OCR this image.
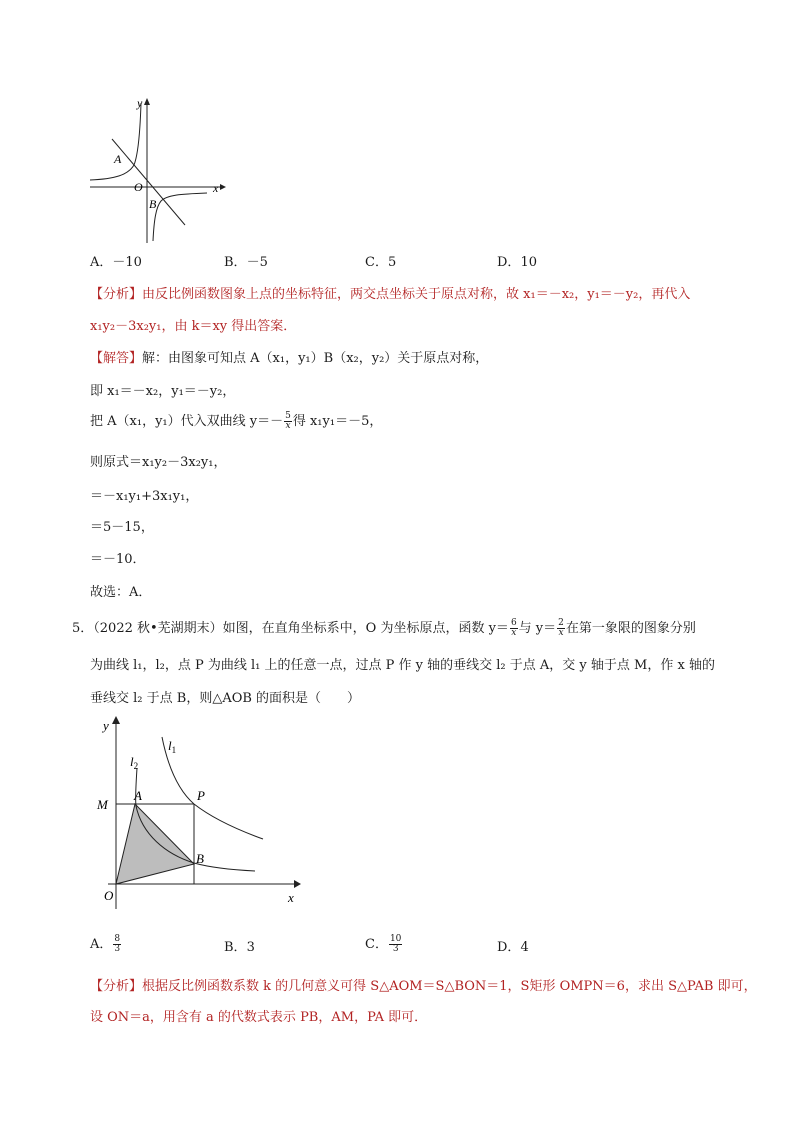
y
x
O
A
B
A．－10	B．－5	C．5	D．10
【分析】由反比例函数图象上点的坐标特征，两交点坐标关于原点对称，故 x₁＝－x₂，y₁＝－y₂，再代入
x₁y₂－3x₂y₁，由 k＝xy 得出答案．
【解答】解：由图象可知点 A（x₁，y₁）B（x₂，y₂）关于原点对称，
即 x₁＝－x₂，y₁＝－y₂，
把 A（x₁，y₁）代入双曲线 $y=- \frac{5}{x}$ 得 x₁y₁＝－5，
则原式＝x₁y₂－3x₂y₁，
＝－x₁y₁+3x₁y₁，
＝5－15，
＝－10．
故选：A．
5．（2022 秋•芜湖期末）如图，在直角坐标系中，O 为坐标原点，函数 $y= \frac{6}{x}$ 与 $y= \frac{2}{x}$ 在第一象限的图象分别
为曲线 l₁，l₂，点 P 为曲线 l₁ 上的任意一点，过点 P 作 y 轴的垂线交 l₂ 于点 A，交 y 轴于点 M，作 x 轴的
垂线交 l₂ 于点 B，则△AOB 的面积是（　　）
y
x
O
M
A	P
B
$l_1$
$l_2$
A． $\frac{8}{3}$	B．3	C． $\frac{10}{3}$	D．4
【分析】根据反比例函数系数 k 的几何意义可得 S△AOM＝S△BON＝1，S矩形 OMPN＝6，求出 S△PAB 即可，
设 ON＝a，用含有 a 的代数式表示 PB，AM，PA 即可．
